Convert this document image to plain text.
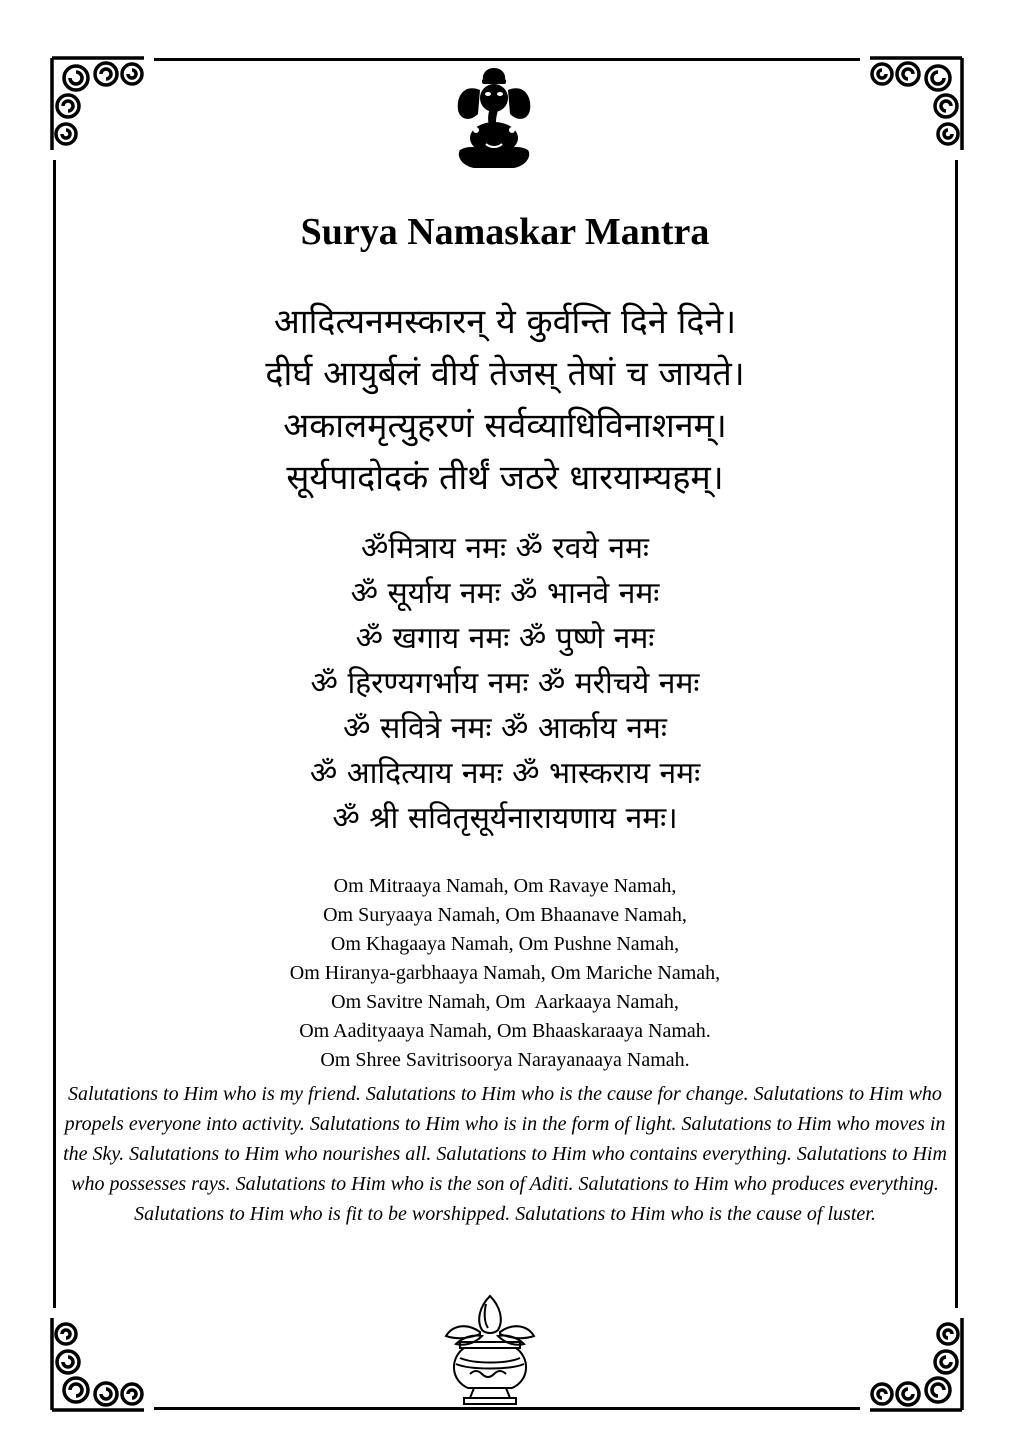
Surya Namaskar Mantra
आदित्यनमस्कारन् ये कुर्वन्ति दिने दिने।
दीर्घ आयुर्बलं वीर्य तेजस् तेषां च जायते।
अकालमृत्युहरणं सर्वव्याधिविनाशनम्।
सूर्यपादोदकं तीर्थं जठरे धारयाम्यहम्।
ॐमित्राय नमः ॐ रवये नमः
ॐ सूर्याय नमः ॐ भानवे नमः
ॐ खगाय नमः ॐ पुष्णे नमः
ॐ हिरण्यगर्भाय नमः ॐ मरीचये नमः
ॐ सवित्रे नमः ॐ आर्काय नमः
ॐ आदित्याय नमः ॐ भास्कराय नमः
ॐ श्री सवितृसूर्यनारायणाय नमः।
Om Mitraaya Namah, Om Ravaye Namah,
Om Suryaaya Namah, Om Bhaanave Namah,
Om Khagaaya Namah, Om Pushne Namah,
Om Hiranya-garbhaaya Namah, Om Mariche Namah,
Om Savitre Namah, Om  Aarkaaya Namah,
Om Aadityaaya Namah, Om Bhaaskaraaya Namah.
Om Shree Savitrisoorya Narayanaaya Namah.
Salutations to Him who is my friend. Salutations to Him who is the cause for change. Salutations to Him who propels everyone into activity. Salutations to Him who is in the form of light. Salutations to Him who moves in the Sky. Salutations to Him who nourishes all. Salutations to Him who contains everything. Salutations to Him who possesses rays. Salutations to Him who is the son of Aditi. Salutations to Him who produces everything. Salutations to Him who is fit to be worshipped. Salutations to Him who is the cause of luster.
